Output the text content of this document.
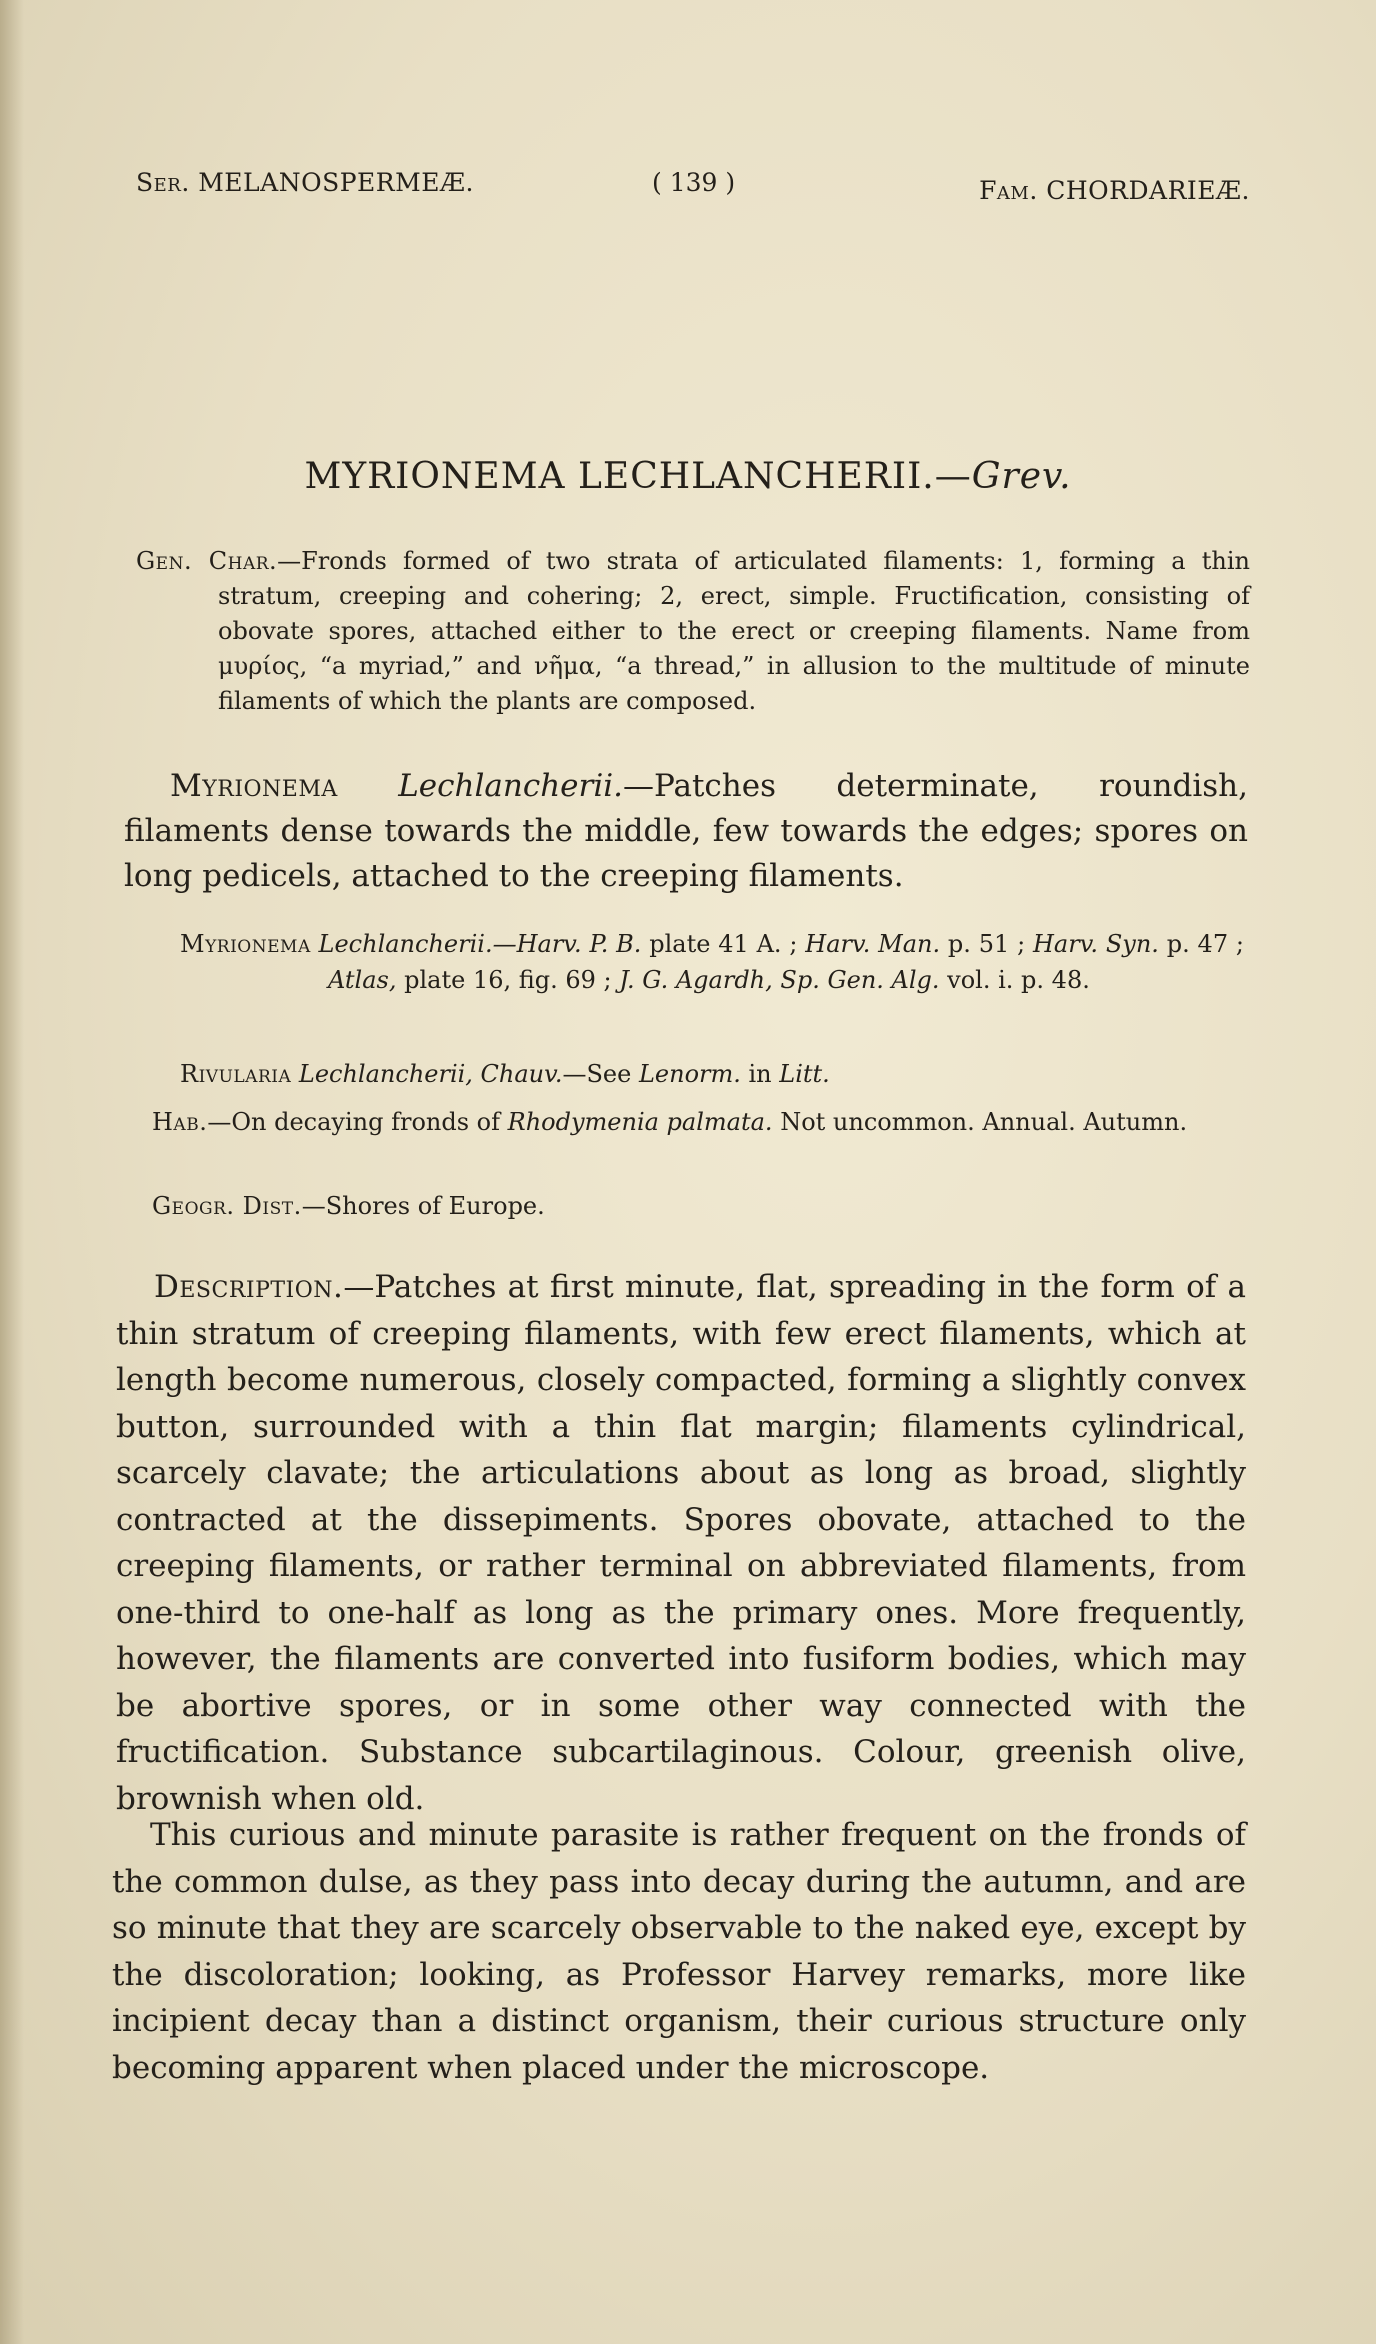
Ser. MELANOSPERMEÆ.	( 139 )	Fam. CHORDARIEÆ.
MYRIONEMA LECHLANCHERII.—Grev.
Gen. Char.—Fronds formed of two strata of articulated filaments: 1, forming a thin stratum, creeping and cohering; 2, erect, simple. Fructification, consisting of obovate spores, attached either to the erect or creeping filaments. Name from μυρίος, “a myriad,” and νῆμα, “a thread,” in allusion to the multitude of minute filaments of which the plants are composed.
Myrionema Lechlancherii.—Patches determinate, roundish, filaments dense towards the middle, few towards the edges; spores on long pedicels, attached to the creeping filaments.
Myrionema Lechlancherii.—Harv. P. B. plate 41 A. ; Harv. Man. p. 51 ; Harv. Syn. p. 47 ; Atlas, plate 16, fig. 69 ; J. G. Agardh, Sp. Gen. Alg. vol. i. p. 48.
Rivularia Lechlancherii, Chauv.—See Lenorm. in Litt.
Hab.—On decaying fronds of Rhodymenia palmata. Not uncommon. Annual. Autumn.
Geogr. Dist.—Shores of Europe.
Description.—Patches at first minute, flat, spreading in the form of a thin stratum of creeping filaments, with few erect filaments, which at length become numerous, closely compacted, forming a slightly convex button, surrounded with a thin flat margin; filaments cylindrical, scarcely clavate; the articulations about as long as broad, slightly contracted at the dissepiments. Spores obovate, attached to the creeping filaments, or rather terminal on abbreviated filaments, from one-third to one-half as long as the primary ones. More frequently, however, the filaments are converted into fusiform bodies, which may be abortive spores, or in some other way connected with the fructification. Substance subcartilaginous. Colour, greenish olive, brownish when old.
This curious and minute parasite is rather frequent on the fronds of the common dulse, as they pass into decay during the autumn, and are so minute that they are scarcely observable to the naked eye, except by the discoloration; looking, as Professor Harvey remarks, more like incipient decay than a distinct organism, their curious structure only becoming apparent when placed under the microscope.
